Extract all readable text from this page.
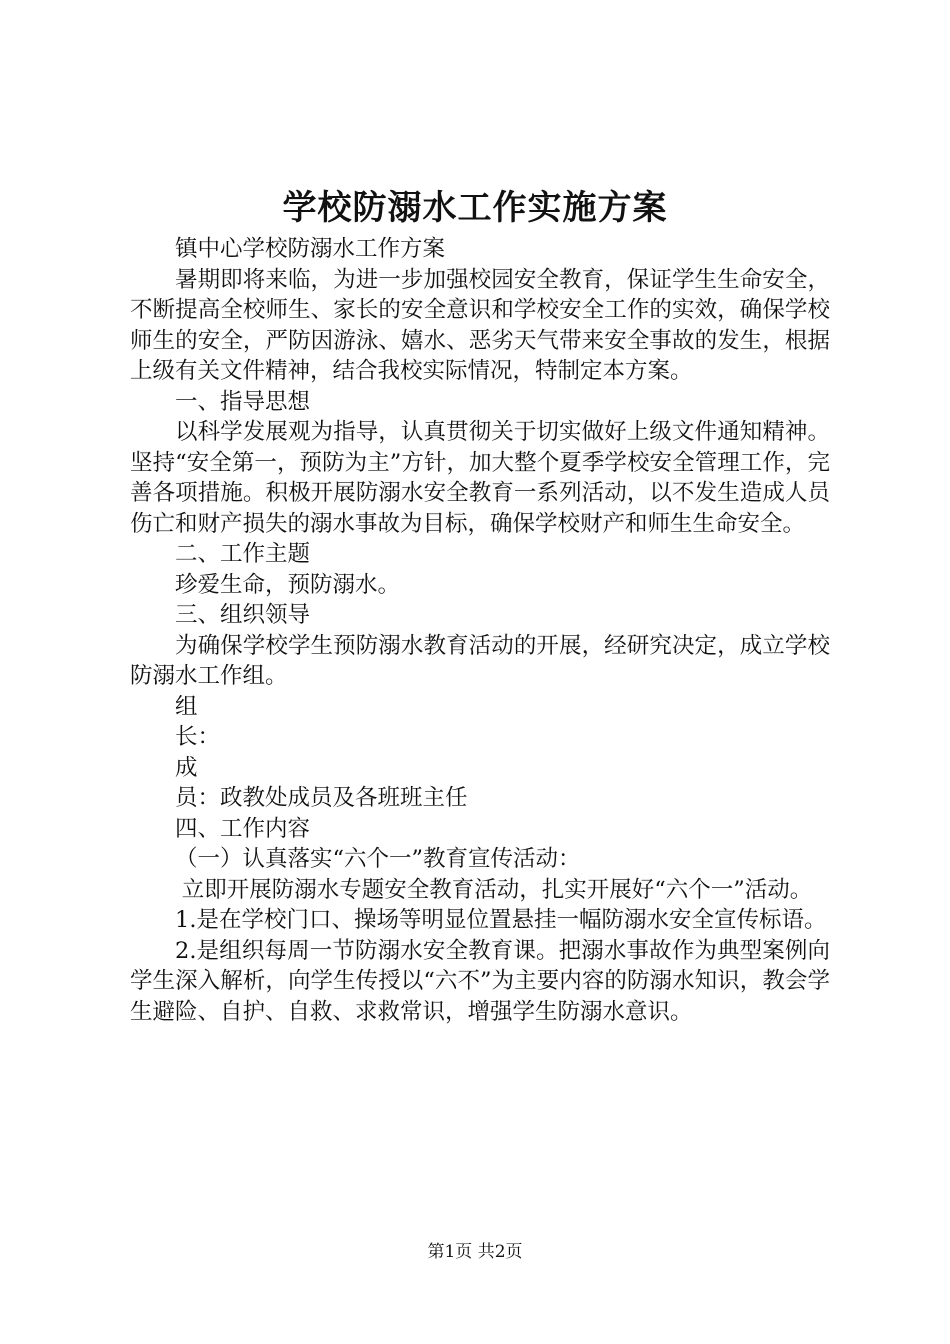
学校防溺水工作实施方案

镇中心学校防溺水工作方案

暑期即将来临，为进一步加强校园安全教育，保证学生生命安全，不断提高全校师生、家长的安全意识和学校安全工作的实效，确保学校师生的安全，严防因游泳、嬉水、恶劣天气带来安全事故的发生，根据上级有关文件精神，结合我校实际情况，特制定本方案。

一、指导思想

以科学发展观为指导，认真贯彻关于切实做好上级文件通知精神。坚持“安全第一，预防为主”方针，加大整个夏季学校安全管理工作，完善各项措施。积极开展防溺水安全教育一系列活动，以不发生造成人员伤亡和财产损失的溺水事故为目标，确保学校财产和师生生命安全。

二、工作主题

珍爱生命，预防溺水。

三、组织领导

为确保学校学生预防溺水教育活动的开展，经研究决定，成立学校防溺水工作组。

组

长：

成

员：政教处成员及各班班主任

四、工作内容

（一）认真落实“六个一”教育宣传活动：

立即开展防溺水专题安全教育活动，扎实开展好“六个一”活动。

1.是在学校门口、操场等明显位置悬挂一幅防溺水安全宣传标语。

2.是组织每周一节防溺水安全教育课。把溺水事故作为典型案例向学生深入解析，向学生传授以“六不”为主要内容的防溺水知识，教会学生避险、自护、自救、求救常识，增强学生防溺水意识。

第1页 共2页
